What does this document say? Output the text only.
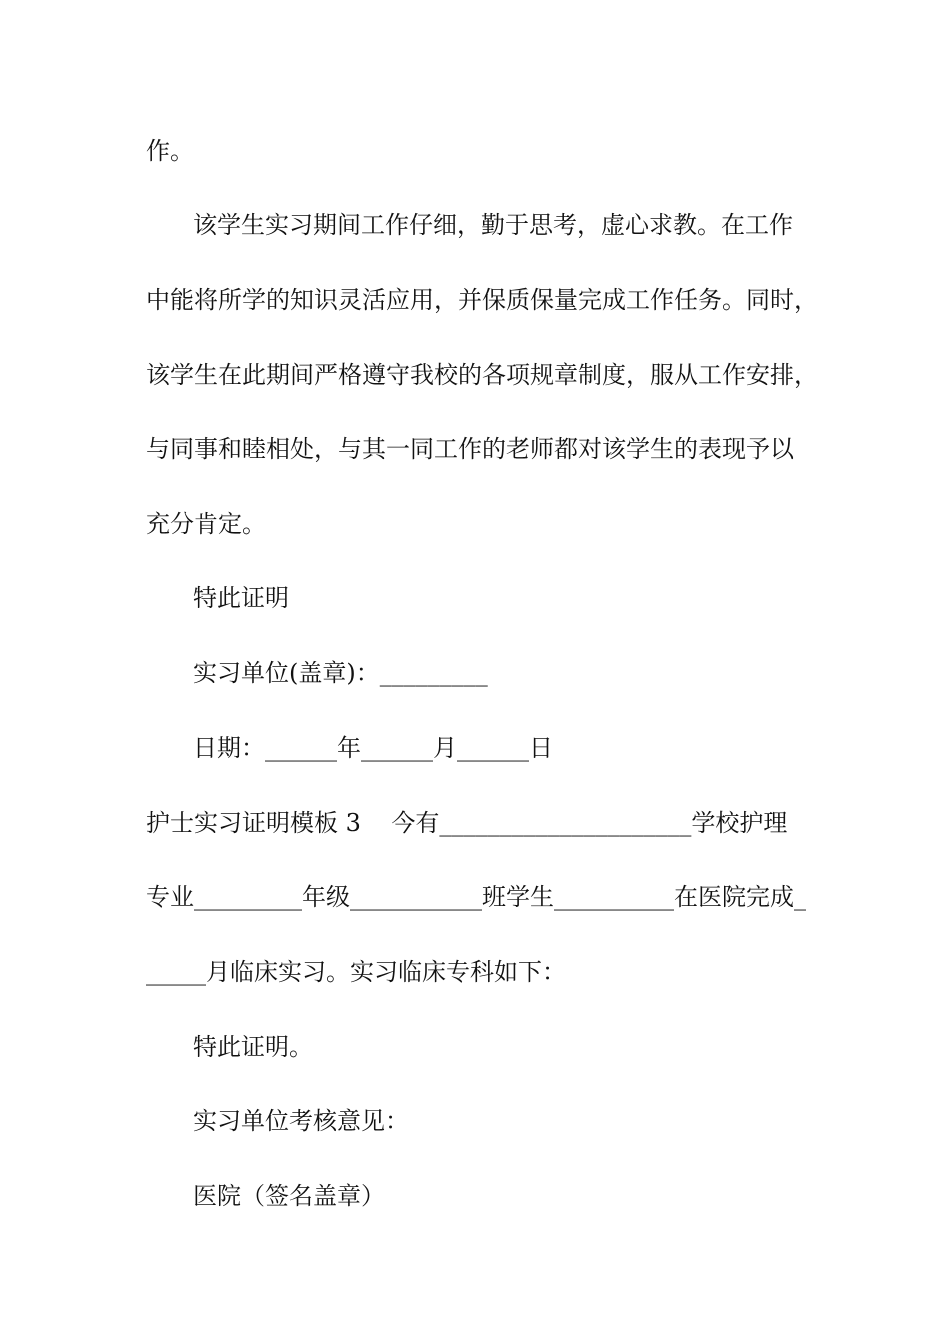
作。
该学生实习期间工作仔细，勤于思考，虚心求教。在工作
中能将所学的知识灵活应用，并保质保量完成工作任务。同时，
该学生在此期间严格遵守我校的各项规章制度，服从工作安排，
与同事和睦相处，与其一同工作的老师都对该学生的表现予以
充分肯定。
特此证明
实习单位(盖章)：_________
日期：______年______月______日
护士实习证明模板 3    今有_____________________学校护理
专业_________年级___________班学生__________在医院完成_
_____月临床实习。实习临床专科如下：
特此证明。
实习单位考核意见：
医院（签名盖章）
